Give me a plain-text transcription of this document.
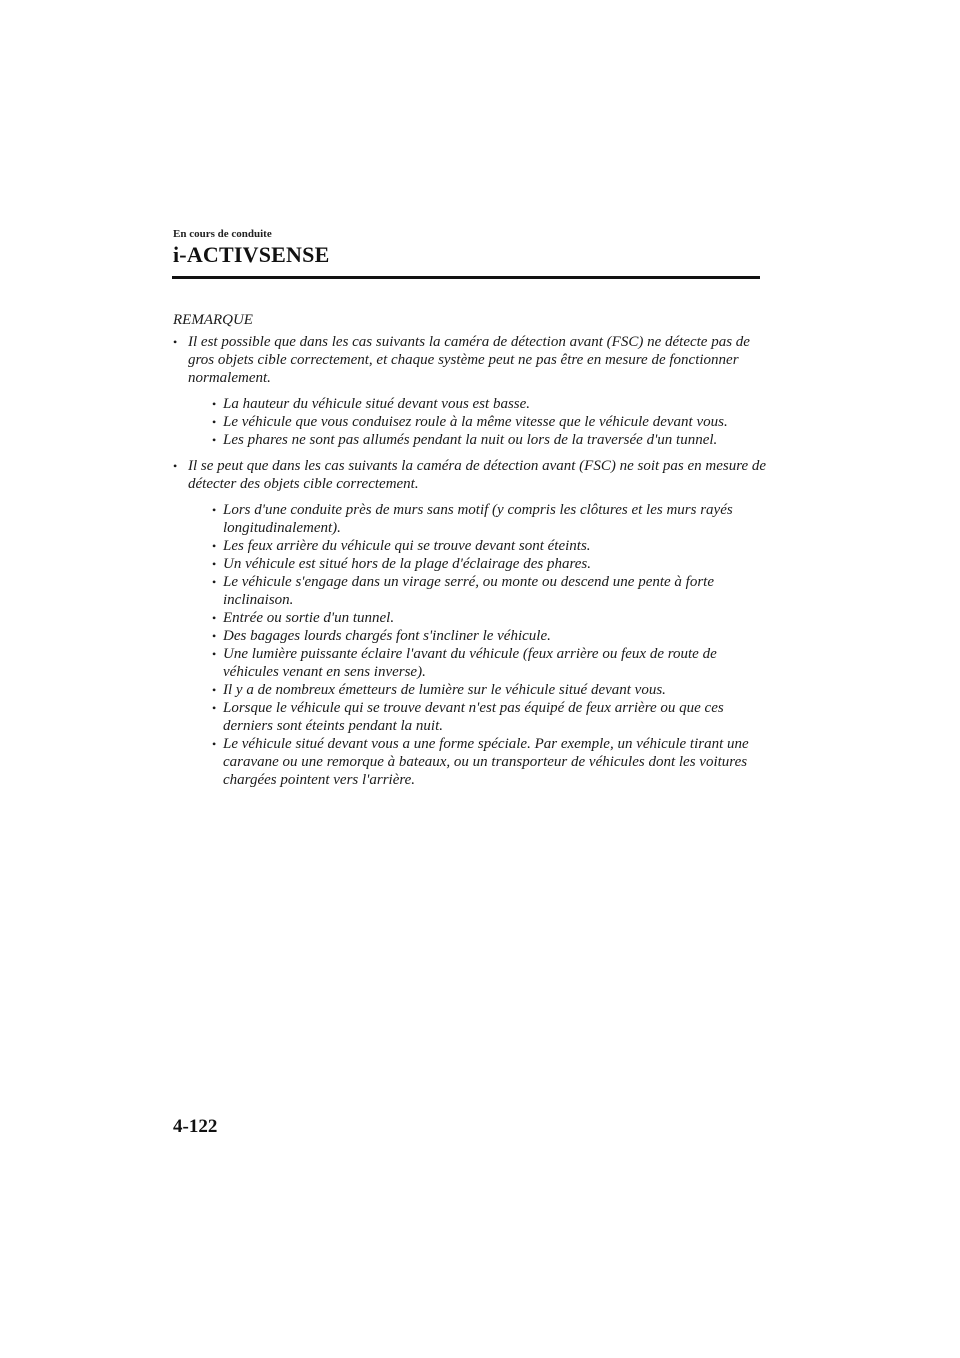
En cours de conduite
i-ACTIVSENSE
REMARQUE
• Il est possible que dans les cas suivants la caméra de détection avant (FSC) ne détecte pas de gros objets cible correctement, et chaque système peut ne pas être en mesure de fonctionner normalement.
• La hauteur du véhicule situé devant vous est basse.
• Le véhicule que vous conduisez roule à la même vitesse que le véhicule devant vous.
• Les phares ne sont pas allumés pendant la nuit ou lors de la traversée d'un tunnel.
• Il se peut que dans les cas suivants la caméra de détection avant (FSC) ne soit pas en mesure de détecter des objets cible correctement.
• Lors d'une conduite près de murs sans motif (y compris les clôtures et les murs rayés longitudinalement).
• Les feux arrière du véhicule qui se trouve devant sont éteints.
• Un véhicule est situé hors de la plage d'éclairage des phares.
• Le véhicule s'engage dans un virage serré, ou monte ou descend une pente à forte inclinaison.
• Entrée ou sortie d'un tunnel.
• Des bagages lourds chargés font s'incliner le véhicule.
• Une lumière puissante éclaire l'avant du véhicule (feux arrière ou feux de route de véhicules venant en sens inverse).
• Il y a de nombreux émetteurs de lumière sur le véhicule situé devant vous.
• Lorsque le véhicule qui se trouve devant n'est pas équipé de feux arrière ou que ces derniers sont éteints pendant la nuit.
• Le véhicule situé devant vous a une forme spéciale. Par exemple, un véhicule tirant une caravane ou une remorque à bateaux, ou un transporteur de véhicules dont les voitures chargées pointent vers l'arrière.
4-122
